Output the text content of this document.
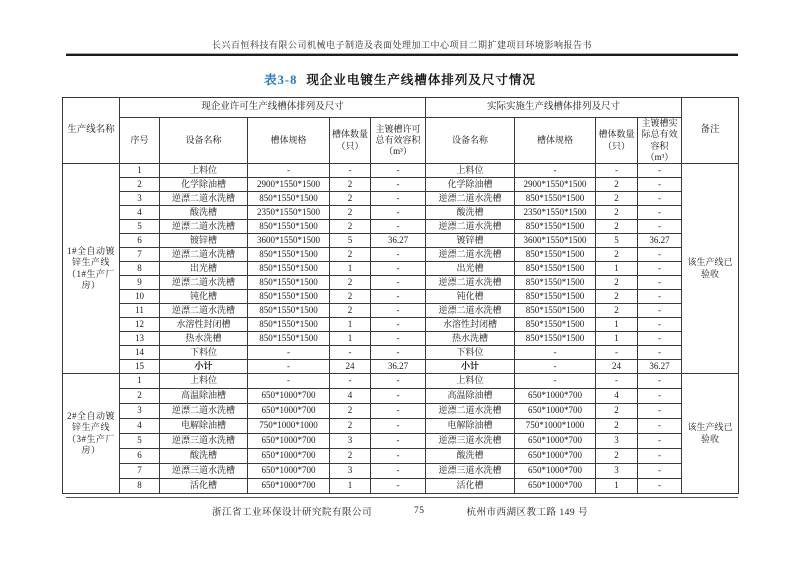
长兴百恒科技有限公司机械电子制造及表面处理加工中心项目二期扩建项目环境影响报告书
表3-8 现企业电镀生产线槽体排列及尺寸情况
生产线名称	现企业许可生产线槽体排列及尺寸					实际实施生产线槽体排列及尺寸				备注
	序号	设备名称	槽体规格	槽体数量（只）	主镀槽许可总有效容积（m³）	设备名称	槽体规格	槽体数量（只）	主镀槽实际总有效容积（m³）	
1#全自动镀锌生产线（1#生产厂房）	1	上料位	-	-	-	上料位	-	-	-	该生产线已验收
	2	化学除油槽	2900*1550*1500	2	-	化学除油槽	2900*1550*1500	2	-	
	3	逆漂二道水洗槽	850*1550*1500	2	-	逆漂二道水洗槽	850*1550*1500	2	-	
	4	酸洗槽	2350*1550*1500	2	-	酸洗槽	2350*1550*1500	2	-	
	5	逆漂二道水洗槽	850*1550*1500	2	-	逆漂二道水洗槽	850*1550*1500	2	-	
	6	镀锌槽	3600*1550*1500	5	36.27	镀锌槽	3600*1550*1500	5	36.27	
	7	逆漂二道水洗槽	850*1550*1500	2	-	逆漂二道水洗槽	850*1550*1500	2	-	
	8	出光槽	850*1550*1500	1	-	出光槽	850*1550*1500	1	-	
	9	逆漂二道水洗槽	850*1550*1500	2	-	逆漂二道水洗槽	850*1550*1500	2	-	
	10	钝化槽	850*1550*1500	2	-	钝化槽	850*1550*1500	2	-	
	11	逆漂二道水洗槽	850*1550*1500	2	-	逆漂二道水洗槽	850*1550*1500	2	-	
	12	水溶性封闭槽	850*1550*1500	1	-	水溶性封闭槽	850*1550*1500	1	-	
	13	热水洗槽	850*1550*1500	1	-	热水洗槽	850*1550*1500	1	-	
	14	下料位	-	-	-	下料位	-	-	-	
	15	小计	-	24	36.27	小计	-	24	36.27	
2#全自动镀锌生产线（3#生产厂房）	1	上料位	-	-	-	上料位	-	-	-	该生产线已验收
	2	高温除油槽	650*1000*700	4	-	高温除油槽	650*1000*700	4	-	
	3	逆漂二道水洗槽	650*1000*700	2	-	逆漂二道水洗槽	650*1000*700	2	-	
	4	电解除油槽	750*1000*1000	2	-	电解除油槽	750*1000*1000	2	-	
	5	逆漂三道水洗槽	650*1000*700	3	-	逆漂三道水洗槽	650*1000*700	3	-	
	6	酸洗槽	650*1000*700	2	-	酸洗槽	650*1000*700	2	-	
	7	逆漂三道水洗槽	650*1000*700	3	-	逆漂三道水洗槽	650*1000*700	3	-	
	8	活化槽	650*1000*700	1	-	活化槽	650*1000*700	1	-	
浙江省工业环保设计研究院有限公司	75	杭州市西湖区教工路 149 号
